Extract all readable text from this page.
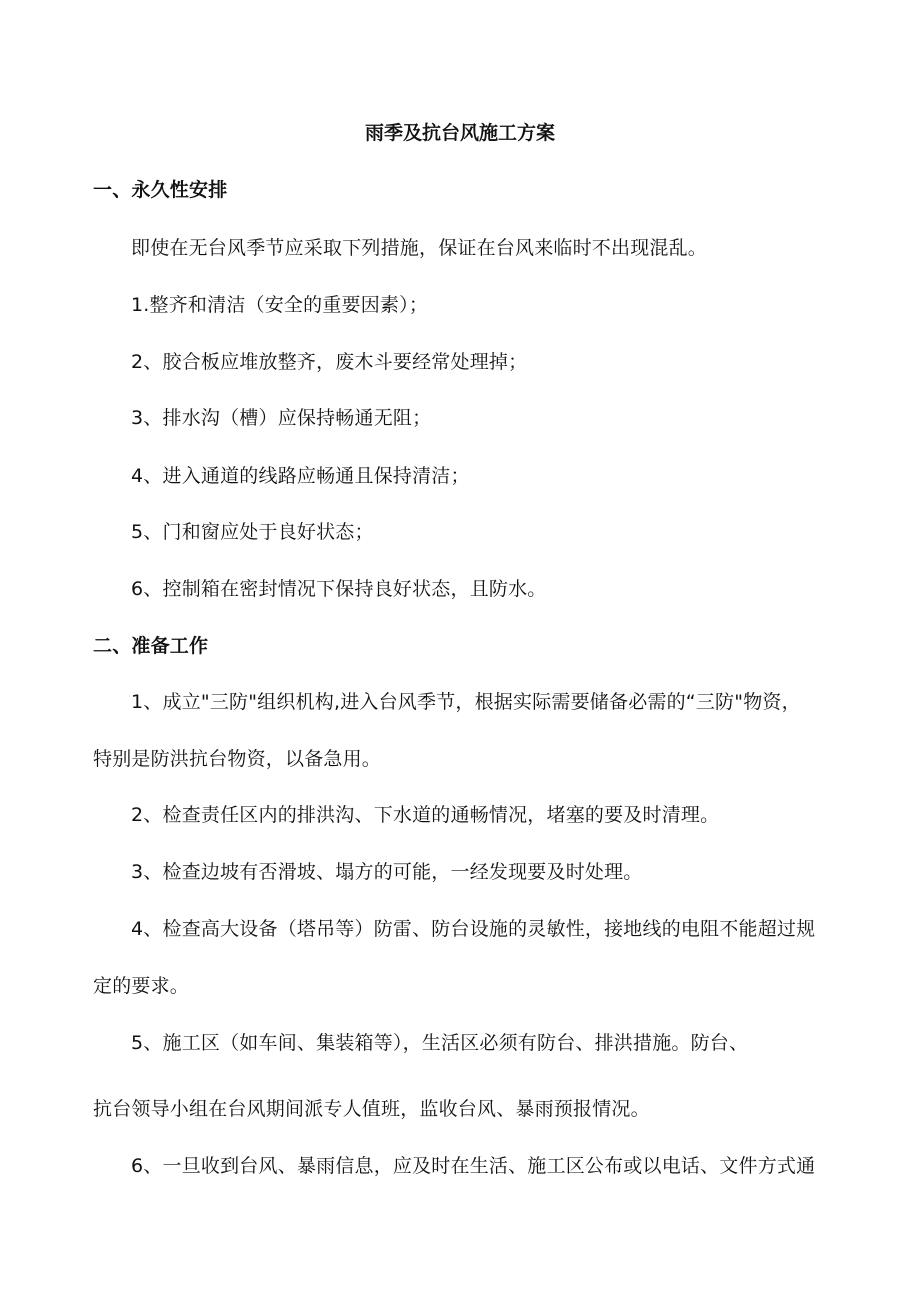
雨季及抗台风施工方案
一、永久性安排
即使在无台风季节应采取下列措施，保证在台风来临时不出现混乱。
1.整齐和清洁（安全的重要因素）；
2、胶合板应堆放整齐，废木斗要经常处理掉；
3、排水沟（槽）应保持畅通无阻；
4、进入通道的线路应畅通且保持清洁；
5、门和窗应处于良好状态；
6、控制箱在密封情况下保持良好状态，且防水。
二、准备工作
1、成立"三防"组织机构,进入台风季节，根据实际需要储备必需的“三防"物资，
特别是防洪抗台物资，以备急用。
2、检查责任区内的排洪沟、下水道的通畅情况，堵塞的要及时清理。
3、检查边坡有否滑坡、塌方的可能，一经发现要及时处理。
4、检查高大设备（塔吊等）防雷、防台设施的灵敏性，接地线的电阻不能超过规
定的要求。
5、施工区（如车间、集装箱等），生活区必须有防台、排洪措施。防台、
抗台领导小组在台风期间派专人值班，监收台风、暴雨预报情况。
6、一旦收到台风、暴雨信息，应及时在生活、施工区公布或以电话、文件方式通
